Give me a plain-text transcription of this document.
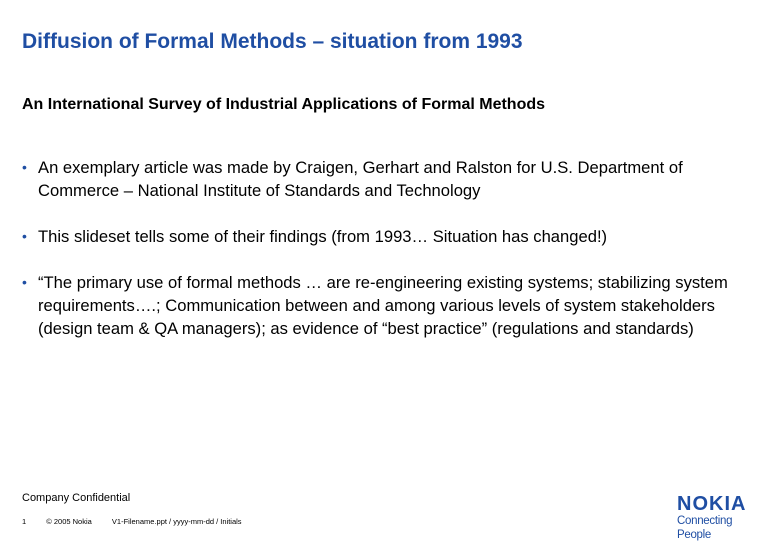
Diffusion of Formal Methods – situation from 1993
An International Survey of Industrial Applications of Formal Methods
• An exemplary article was made by Craigen, Gerhart and Ralston for U.S. Department of Commerce – National Institute of Standards and Technology
• This slideset tells some of their findings (from 1993… Situation has changed!)
• “The primary use of formal methods … are re-engineering existing systems; stabilizing system requirements….; Communication between and among various levels of system stakeholders (design team & QA managers); as evidence of “best practice” (regulations and standards)
Company Confidential
1	© 2005 Nokia	V1-Filename.ppt / yyyy-mm-dd / Initials
NOKIA
Connecting People
